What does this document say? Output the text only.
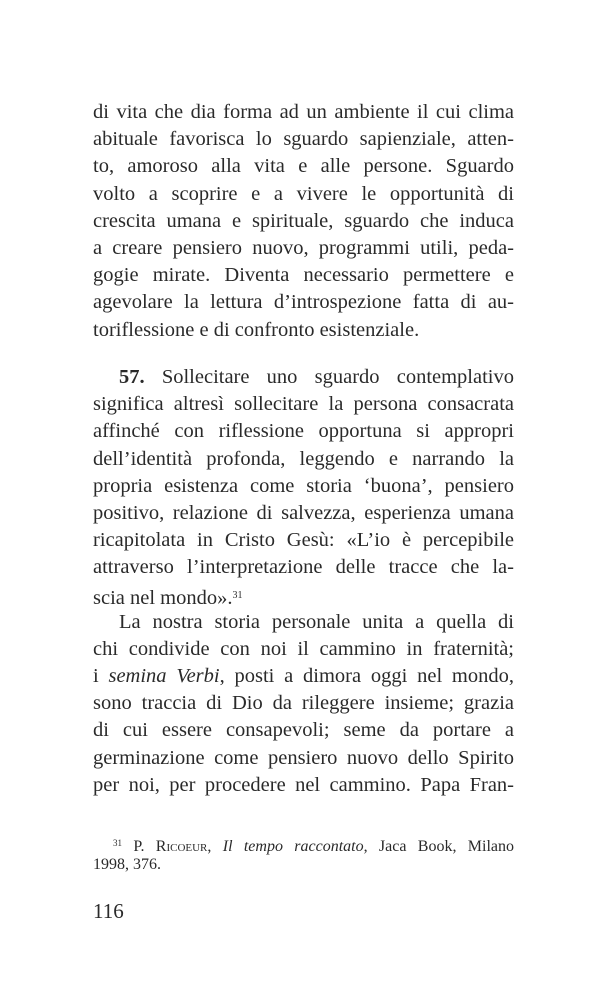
di vita che dia forma ad un ambiente il cui clima
abituale favorisca lo sguardo sapienziale, atten-
to, amoroso alla vita e alle persone. Sguardo
volto a scoprire e a vivere le opportunità di
crescita umana e spirituale, sguardo che induca
a creare pensiero nuovo, programmi utili, peda-
gogie mirate. Diventa necessario permettere e
agevolare la lettura d’introspezione fatta di au-
toriflessione e di confronto esistenziale.
57. Sollecitare uno sguardo contemplativo
significa altresì sollecitare la persona consacrata
affinché con riflessione opportuna si appropri
dell’identità profonda, leggendo e narrando la
propria esistenza come storia ‘buona’, pensiero
positivo, relazione di salvezza, esperienza umana
ricapitolata in Cristo Gesù: «L’io è percepibile
attraverso l’interpretazione delle tracce che la-
scia nel mondo».$^{31}$
La nostra storia personale unita a quella di
chi condivide con noi il cammino in fraternità;
i semina Verbi, posti a dimora oggi nel mondo,
sono traccia di Dio da rileggere insieme; grazia
di cui essere consapevoli; seme da portare a
germinazione come pensiero nuovo dello Spirito
per noi, per procedere nel cammino. Papa Fran-
$^{31}$ P. Ricoeur, Il tempo raccontato, Jaca Book, Milano
1998, 376.
116
